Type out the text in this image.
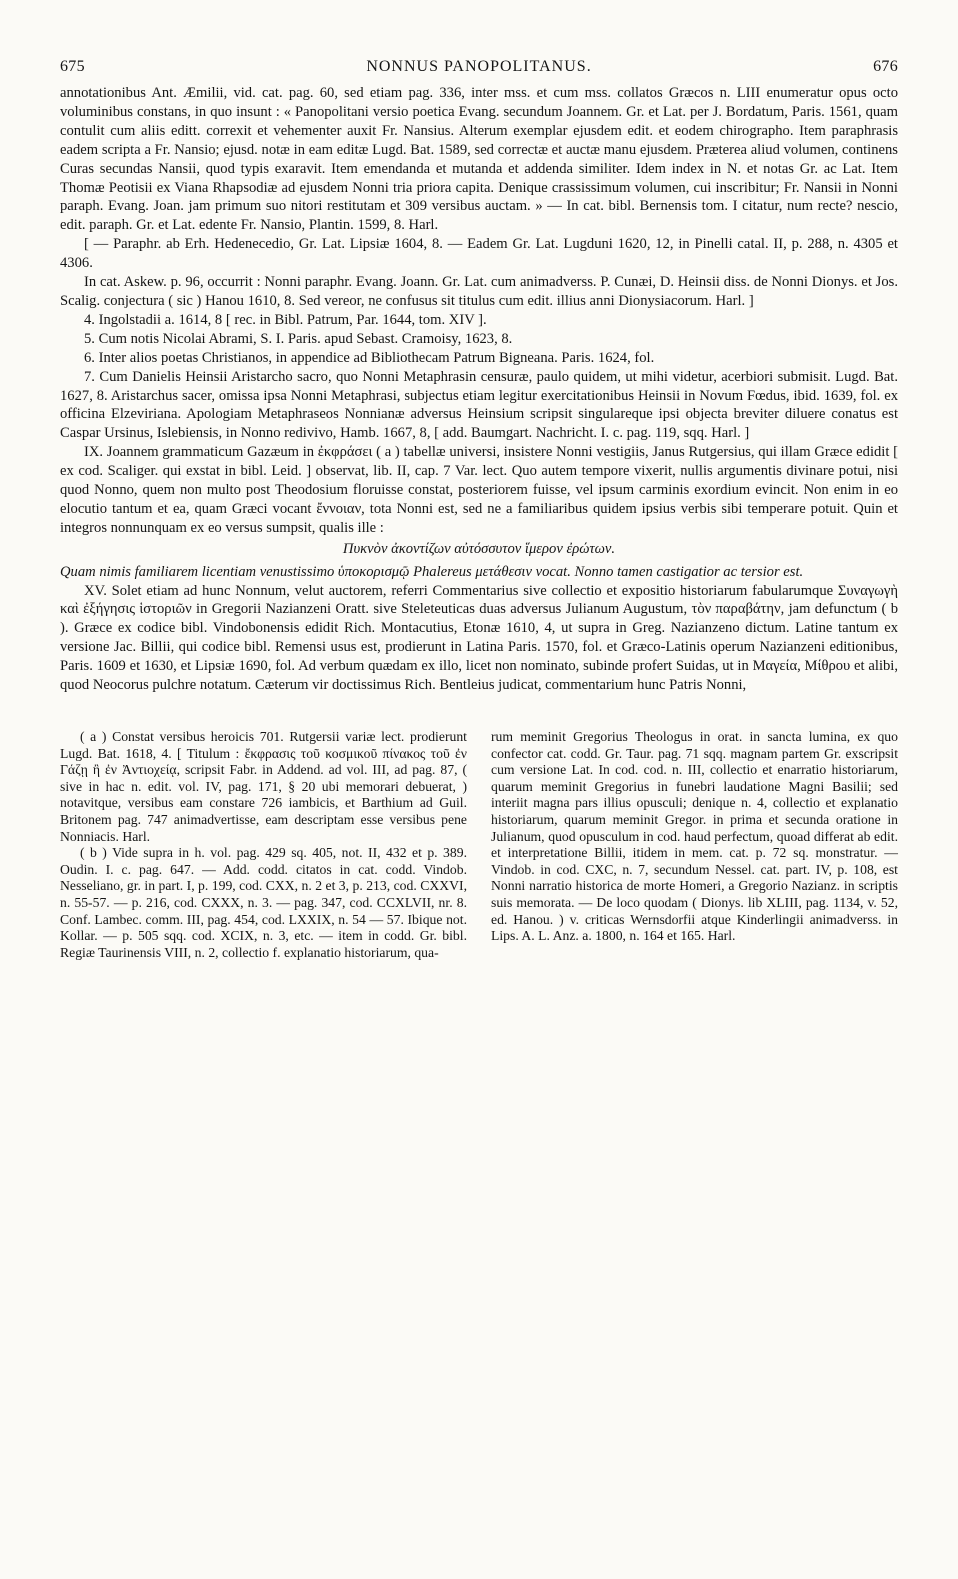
675	NONNUS PANOPOLITANUS.	676

annotationibus Ant. Æmilii, vid. cat. pag. 60, sed etiam pag. 336, inter mss. et cum mss. collatos Græcos n. LIII enumeratur opus octo voluminibus constans, in quo insunt : « Panopolitani versio poetica Evang. secundum Joannem. Gr. et Lat. per J. Bordatum, Paris. 1561, quam contulit cum aliis editt. correxit et vehementer auxit Fr. Nansius. Alterum exemplar ejusdem edit. et eodem chirographo. Item paraphrasis eadem scripta a Fr. Nansio; ejusd. notæ in eam editæ Lugd. Bat. 1589, sed correctæ et auctæ manu ejusdem. Præterea aliud volumen, continens Curas secundas Nansii, quod typis exaravit. Item emendanda et mutanda et addenda similiter. Idem index in N. et notas Gr. ac Lat. Item Thomæ Peotisii ex Viana Rhapsodiæ ad ejusdem Nonni tria priora capita. Denique crassissimum volumen, cui inscribitur; Fr. Nansii in Nonni paraph. Evang. Joan. jam primum suo nitori restitutam et 309 versibus auctam. » — In cat. bibl. Bernensis tom. I citatur, num recte? nescio, edit. paraph. Gr. et Lat. edente Fr. Nansio, Plantin. 1599, 8. Harl.

[ — Paraphr. ab Erh. Hedenecedio, Gr. Lat. Lipsiæ 1604, 8. — Eadem Gr. Lat. Lugduni 1620, 12, in Pinelli catal. II, p. 288, n. 4305 et 4306.

In cat. Askew. p. 96, occurrit : Nonni paraphr. Evang. Joann. Gr. Lat. cum animadverss. P. Cunæi, D. Heinsii diss. de Nonni Dionys. et Jos. Scalig. conjectura ( sic ) Hanou 1610, 8. Sed vereor, ne confusus sit titulus cum edit. illius anni Dionysiacorum. Harl. ]

4. Ingolstadii a. 1614, 8 [ rec. in Bibl. Patrum, Par. 1644, tom. XIV ].

5. Cum notis Nicolai Abrami, S. I. Paris. apud Sebast. Cramoisy, 1623, 8.

6. Inter alios poetas Christianos, in appendice ad Bibliothecam Patrum Bigneana. Paris. 1624, fol.

7. Cum Danielis Heinsii Aristarcho sacro, quo Nonni Metaphrasin censuræ, paulo quidem, ut mihi videtur, acerbiori submisit. Lugd. Bat. 1627, 8. Aristarchus sacer, omissa ipsa Nonni Metaphrasi, subjectus etiam legitur exercitationibus Heinsii in Novum Fœdus, ibid. 1639, fol. ex officina Elzeviriana. Apologiam Metaphraseos Nonnianæ adversus Heinsium scripsit singulareque ipsi objecta breviter diluere conatus est Caspar Ursinus, Islebiensis, in Nonno redivivo, Hamb. 1667, 8, [ add. Baumgart. Nachricht. I. c. pag. 119, sqq. Harl. ]

IX. Joannem grammaticum Gazæum in ἐκφράσει ( a ) tabellæ universi, insistere Nonni vestigiis, Janus Rutgersius, qui illam Græce edidit [ ex cod. Scaliger. qui exstat in bibl. Leid. ] observat, lib. II, cap. 7 Var. lect. Quo autem tempore vixerit, nullis argumentis divinare potui, nisi quod Nonno, quem non multo post Theodosium floruisse constat, posteriorem fuisse, vel ipsum carminis exordium evincit. Non enim in eo elocutio tantum et ea, quam Græci vocant ἔννοιαν, tota Nonni est, sed ne a familiaribus quidem ipsius verbis sibi temperare potuit. Quin et integros nonnunquam ex eo versus sumpsit, qualis ille :

Πυκνὸν ἀκοντίζων αὐτόσσυτον ἵμερον ἐρώτων.

Quam nimis familiarem licentiam venustissimo ὑποκορισμῷ Phalereus μετάθεσιν vocat. Nonno tamen castigatior ac tersior est.

XV. Solet etiam ad hunc Nonnum, velut auctorem, referri Commentarius sive collectio et expositio historiarum fabularumque Συναγωγὴ καὶ ἐξήγησις ἱστοριῶν in Gregorii Nazianzeni Oratt. sive Steleteuticas duas adversus Julianum Augustum, τὸν παραβάτην, jam defunctum ( b ). Græce ex codice bibl. Vindobonensis edidit Rich. Montacutius, Etonæ 1610, 4, ut supra in Greg. Nazianzeno dictum. Latine tantum ex versione Jac. Billii, qui codice bibl. Remensi usus est, prodierunt in Latina Paris. 1570, fol. et Græco-Latinis operum Nazianzeni editionibus, Paris. 1609 et 1630, et Lipsiæ 1690, fol. Ad verbum quædam ex illo, licet non nominato, subinde profert Suidas, ut in Μαγεία, Μίθρου et alibi, quod Neocorus pulchre notatum. Cæterum vir doctissimus Rich. Bentleius judicat, commentarium hunc Patris Nonni,

( a ) Constat versibus heroicis 701. Rutgersii variæ lect. prodierunt Lugd. Bat. 1618, 4. [ Titulum : ἔκφρασις τοῦ κοσμικοῦ πίνακος τοῦ ἐν Γάζῃ ἢ ἐν Ἀντιοχείᾳ, scripsit Fabr. in Addend. ad vol. III, ad pag. 87, ( sive in hac n. edit. vol. IV, pag. 171, § 20 ubi memorari debuerat, ) notavitque, versibus eam constare 726 iambicis, et Barthium ad Guil. Britonem pag. 747 animadvertisse, eam descriptam esse versibus pene Nonniacis. Harl.

( b ) Vide supra in h. vol. pag. 429 sq. 405, not. II, 432 et p. 389. Oudin. I. c. pag. 647. — Add. codd. citatos in cat. codd. Vindob. Nesseliano, gr. in part. I, p. 199, cod. CXX, n. 2 et 3, p. 213, cod. CXXVI, n. 55-57. — p. 216, cod. CXXX, n. 3. — pag. 347, cod. CCXLVII, nr. 8. Conf. Lambec. comm. III, pag. 454, cod. LXXIX, n. 54 — 57. Ibique not. Kollar. — p. 505 sqq. cod. XCIX, n. 3, etc. — item in codd. Gr. bibl. Regiæ Taurinensis VIII, n. 2, collectio f. explanatio historiarum, qua-

rum meminit Gregorius Theologus in orat. in sancta lumina, ex quo confector cat. codd. Gr. Taur. pag. 71 sqq. magnam partem Gr. exscripsit cum versione Lat. In cod. cod. n. III, collectio et enarratio historiarum, quarum meminit Gregorius in funebri laudatione Magni Basilii; sed interiit magna pars illius opusculi; denique n. 4, collectio et explanatio historiarum, quarum meminit Gregor. in prima et secunda oratione in Julianum, quod opusculum in cod. haud perfectum, quoad differat ab edit. et interpretatione Billii, itidem in mem. cat. p. 72 sq. monstratur. — Vindob. in cod. CXC, n. 7, secundum Nessel. cat. part. IV, p. 108, est Nonni narratio historica de morte Homeri, a Gregorio Nazianz. in scriptis suis memorata. — De loco quodam ( Dionys. lib XLIII, pag. 1134, v. 52, ed. Hanou. ) v. criticas Wernsdorfii atque Kinderlingii animadverss. in Lips. A. L. Anz. a. 1800, n. 164 et 165. Harl.
